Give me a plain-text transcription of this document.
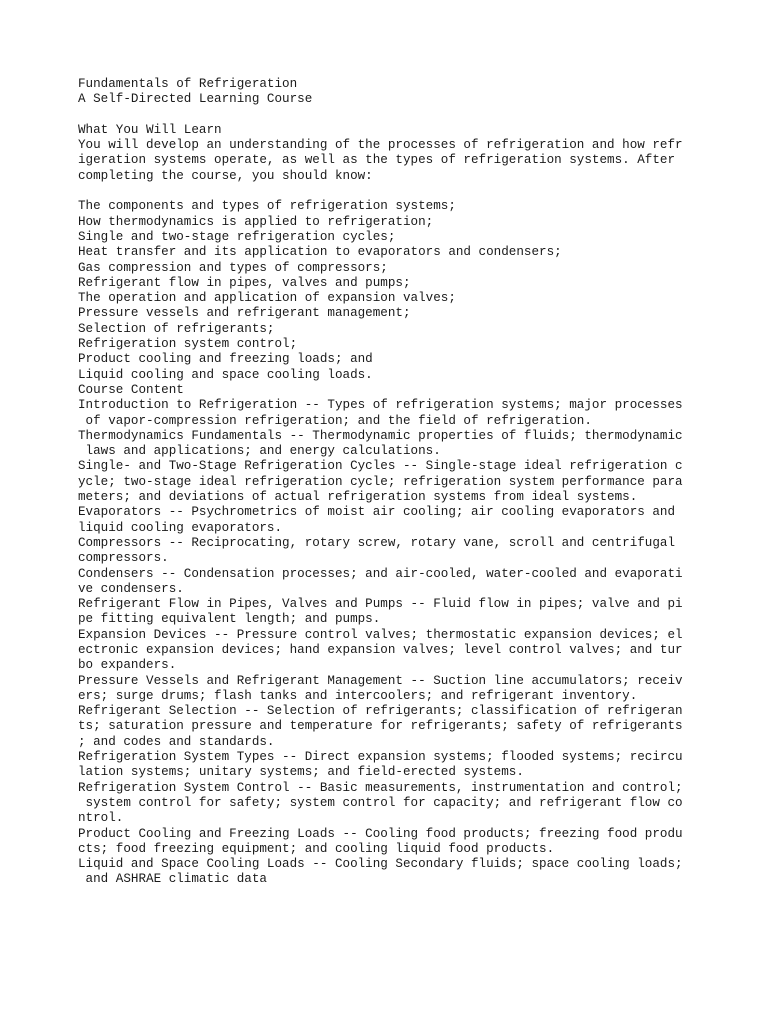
Fundamentals of Refrigeration
A Self-Directed Learning Course
What You Will Learn
You will develop an understanding of the processes of refrigeration and how refr
igeration systems operate, as well as the types of refrigeration systems. After
completing the course, you should know:
The components and types of refrigeration systems;
How thermodynamics is applied to refrigeration;
Single and two-stage refrigeration cycles;
Heat transfer and its application to evaporators and condensers;
Gas compression and types of compressors;
Refrigerant flow in pipes, valves and pumps;
The operation and application of expansion valves;
Pressure vessels and refrigerant management;
Selection of refrigerants;
Refrigeration system control;
Product cooling and freezing loads; and
Liquid cooling and space cooling loads.
Course Content
Introduction to Refrigeration -- Types of refrigeration systems; major processes
of vapor-compression refrigeration; and the field of refrigeration.
Thermodynamics Fundamentals -- Thermodynamic properties of fluids; thermodynamic
laws and applications; and energy calculations.
Single- and Two-Stage Refrigeration Cycles -- Single-stage ideal refrigeration c
ycle; two-stage ideal refrigeration cycle; refrigeration system performance para
meters; and deviations of actual refrigeration systems from ideal systems.
Evaporators -- Psychrometrics of moist air cooling; air cooling evaporators and
liquid cooling evaporators.
Compressors -- Reciprocating, rotary screw, rotary vane, scroll and centrifugal
compressors.
Condensers -- Condensation processes; and air-cooled, water-cooled and evaporati
ve condensers.
Refrigerant Flow in Pipes, Valves and Pumps -- Fluid flow in pipes; valve and pi
pe fitting equivalent length; and pumps.
Expansion Devices -- Pressure control valves; thermostatic expansion devices; el
ectronic expansion devices; hand expansion valves; level control valves; and tur
bo expanders.
Pressure Vessels and Refrigerant Management -- Suction line accumulators; receiv
ers; surge drums; flash tanks and intercoolers; and refrigerant inventory.
Refrigerant Selection -- Selection of refrigerants; classification of refrigeran
ts; saturation pressure and temperature for refrigerants; safety of refrigerants
; and codes and standards.
Refrigeration System Types -- Direct expansion systems; flooded systems; recircu
lation systems; unitary systems; and field-erected systems.
Refrigeration System Control -- Basic measurements, instrumentation and control;
system control for safety; system control for capacity; and refrigerant flow co
ntrol.
Product Cooling and Freezing Loads -- Cooling food products; freezing food produ
cts; food freezing equipment; and cooling liquid food products.
Liquid and Space Cooling Loads -- Cooling Secondary fluids; space cooling loads;
and ASHRAE climatic data
